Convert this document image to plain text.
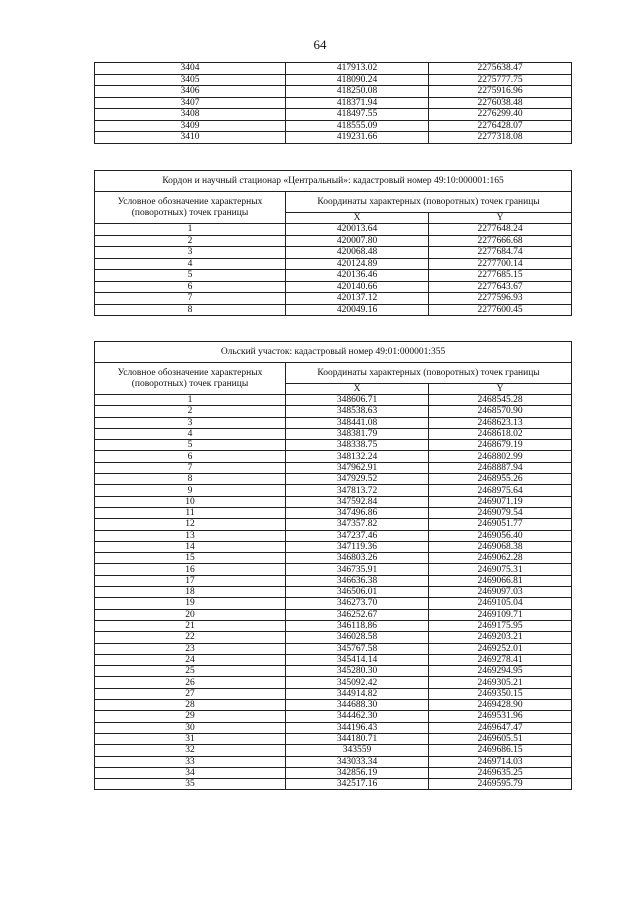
64
3404	417913.02	2275638.47
3405	418090.24	2275777.75
3406	418250.08	2275916.96
3407	418371.94	2276038.48
3408	418497.55	2276299.40
3409	418555.09	2276428.07
3410	419231.66	2277318.08
Кордон и научный стационар «Центральный»: кадастровый номер 49:10:000001:165		
Условное обозначение характерных (поворотных) точек границы	Координаты характерных (поворотных) точек границы	
	X	Y
1	420013.64	2277648.24
2	420007.80	2277666.68
3	420068.48	2277684.74
4	420124.89	2277700.14
5	420136.46	2277685.15
6	420140.66	2277643.67
7	420137.12	2277596.93
8	420049.16	2277600.45
Ольский участок: кадастровый номер 49:01:000001:355		
Условное обозначение характерных (поворотных) точек границы	Координаты характерных (поворотных) точек границы	
	X	Y
1	348606.71	2468545.28
2	348538.63	2468570.90
3	348441.08	2468623.13
4	348381.79	2468618.02
5	348338.75	2468679.19
6	348132.24	2468802.99
7	347962.91	2468887.94
8	347929.52	2468955.26
9	347813.72	2468975.64
10	347592.84	2469071.19
11	347496.86	2469079.54
12	347357.82	2469051.77
13	347237.46	2469056.40
14	347119.36	2469068.38
15	346803.26	2469062.28
16	346735.91	2469075.31
17	346636.38	2469066.81
18	346506.01	2469097.03
19	346273.70	2469105.04
20	346252.67	2469109.71
21	346118.86	2469175.95
22	346028.58	2469203.21
23	345767.58	2469252.01
24	345414.14	2469278.41
25	345280.30	2469294.95
26	345092.42	2469305.21
27	344914.82	2469350.15
28	344688.30	2469428.90
29	344462.30	2469531.96
30	344196.43	2469647.47
31	344180.71	2469605.51
32	343559	2469686.15
33	343033.34	2469714.03
34	342856.19	2469635.25
35	342517.16	2469595.79
